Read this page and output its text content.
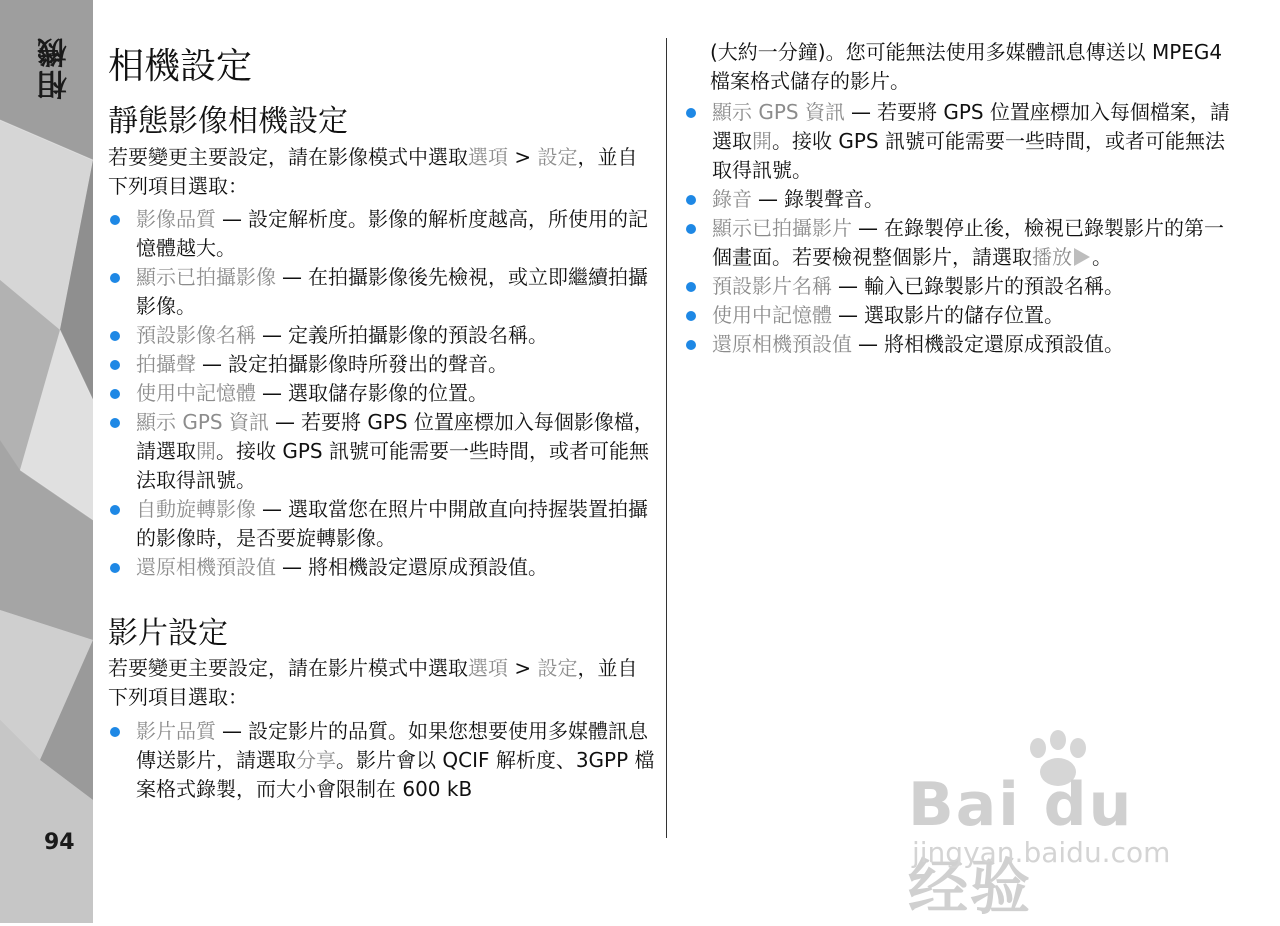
相機
94
相機設定
靜態影像相機設定

若要變更主要設定，請在影像模式中選取選項 > 設定，並自下列項目選取：

影像品質 — 設定解析度。影像的解析度越高，所使用的記憶體越大。
顯示已拍攝影像 — 在拍攝影像後先檢視，或立即繼續拍攝影像。
預設影像名稱 — 定義所拍攝影像的預設名稱。
拍攝聲 — 設定拍攝影像時所發出的聲音。
使用中記憶體 — 選取儲存影像的位置。
顯示 GPS 資訊 — 若要將 GPS 位置座標加入每個影像檔，請選取開。接收 GPS 訊號可能需要一些時間，或者可能無法取得訊號。
自動旋轉影像 — 選取當您在照片中開啟直向持握裝置拍攝的影像時，是否要旋轉影像。
還原相機預設值 — 將相機設定還原成預設值。
影片設定

若要變更主要設定，請在影片模式中選取選項 > 設定，並自下列項目選取：

影片品質 — 設定影片的品質。如果您想要使用多媒體訊息傳送影片，請選取分享。影片會以 QCIF 解析度、3GPP 檔案格式錄製，而大小會限制在 600 kB

(大約一分鐘)。您可能無法使用多媒體訊息傳送以 MPEG4 檔案格式儲存的影片。

顯示 GPS 資訊 — 若要將 GPS 位置座標加入每個檔案，請選取開。接收 GPS 訊號可能需要一些時間，或者可能無法取得訊號。
錄音 — 錄製聲音。
顯示已拍攝影片 — 在錄製停止後，檢視已錄製影片的第一個畫面。若要檢視整個影片，請選取播放 。
預設影片名稱 — 輸入已錄製影片的預設名稱。
使用中記憶體 — 選取影片的儲存位置。
還原相機預設值 — 將相機設定還原成預設值。
Bai du 经验
jingyan.baidu.com
